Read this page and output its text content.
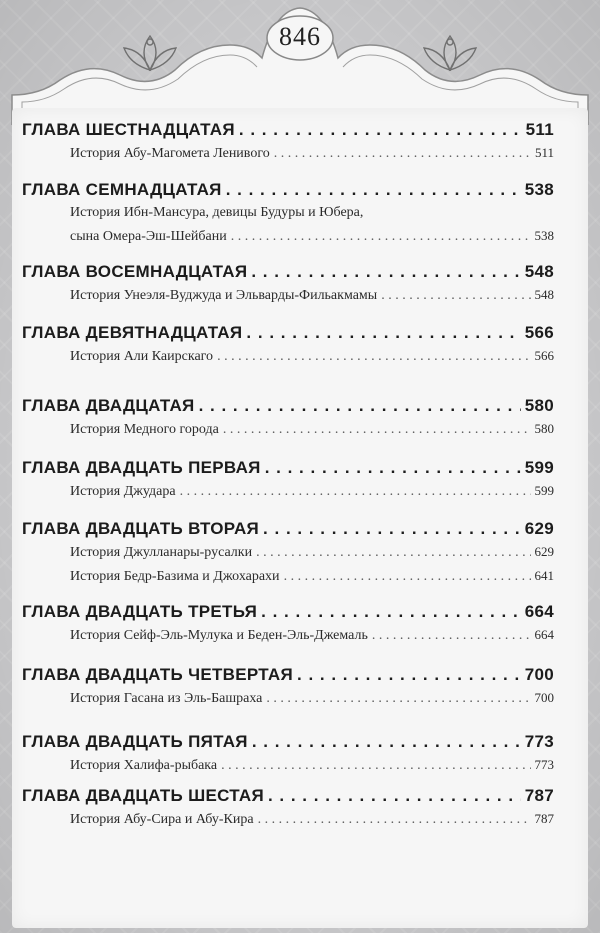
846
ГЛАВА ШЕСТНАДЦАТАЯ . . .	511
История Абу-Магомета Ленивого . . .	511
ГЛАВА СЕМНАДЦАТАЯ . . .	538
История Ибн-Мансура, девицы Будуры и Юбера,
сына Омера-Эш-Шейбани . . .	538
ГЛАВА ВОСЕМНАДЦАТАЯ . . .	548
История Унеэля-Вуджуда и Эльварды-Фильакмамы . . .	548
ГЛАВА ДЕВЯТНАДЦАТАЯ . . .	566
История Али Каирскаго . . .	566
ГЛАВА ДВАДЦАТАЯ . . .	580
История Медного города . . .	580
ГЛАВА ДВАДЦАТЬ ПЕРВАЯ . . .	599
История Джудара . . .	599
ГЛАВА ДВАДЦАТЬ ВТОРАЯ . . .	629
История Джулланары-русалки . . .	629
История Бедр-Базима и Джохарахи . . .	641
ГЛАВА ДВАДЦАТЬ ТРЕТЬЯ . . .	664
История Сейф-Эль-Мулука и Беден-Эль-Джемаль . . .	664
ГЛАВА ДВАДЦАТЬ ЧЕТВЕРТАЯ . . .	700
История Гасана из Эль-Башраха . . .	700
ГЛАВА ДВАДЦАТЬ ПЯТАЯ . . .	773
История Халифа-рыбака . . .	773
ГЛАВА ДВАДЦАТЬ ШЕСТАЯ . . .	787
История Абу-Сира и Абу-Кира . . .	787
